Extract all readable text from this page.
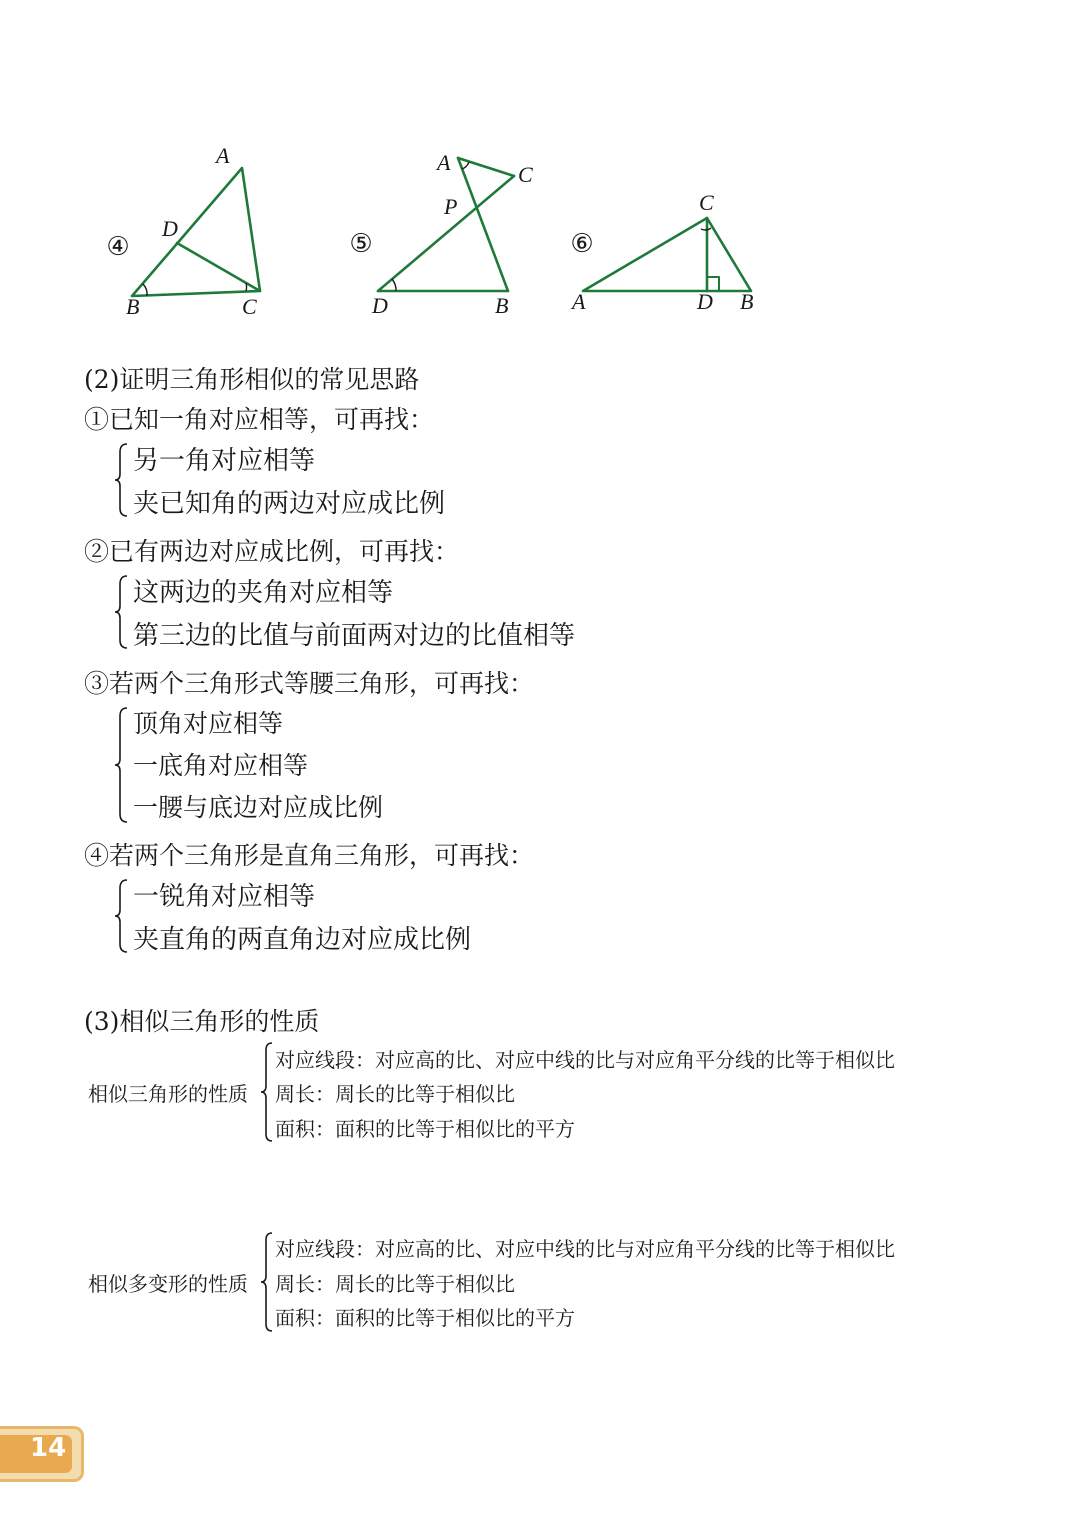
④	⑤	⑥
A
D
B	C
A	C
P
D	B
C
A	D B
(2)证明三角形相似的常见思路
①已知一角对应相等，可再找：
另一角对应相等
夹已知角的两边对应成比例
②已有两边对应成比例，可再找：
这两边的夹角对应相等
第三边的比值与前面两对边的比值相等
③若两个三角形式等腰三角形，可再找：
顶角对应相等
一底角对应相等
一腰与底边对应成比例
④若两个三角形是直角三角形，可再找：
一锐角对应相等
夹直角的两直角边对应成比例
(3)相似三角形的性质
相似三角形的性质
对应线段：对应高的比、对应中线的比与对应角平分线的比等于相似比
周长：周长的比等于相似比
面积：面积的比等于相似比的平方
相似多变形的性质
对应线段：对应高的比、对应中线的比与对应角平分线的比等于相似比
周长：周长的比等于相似比
面积：面积的比等于相似比的平方
14
